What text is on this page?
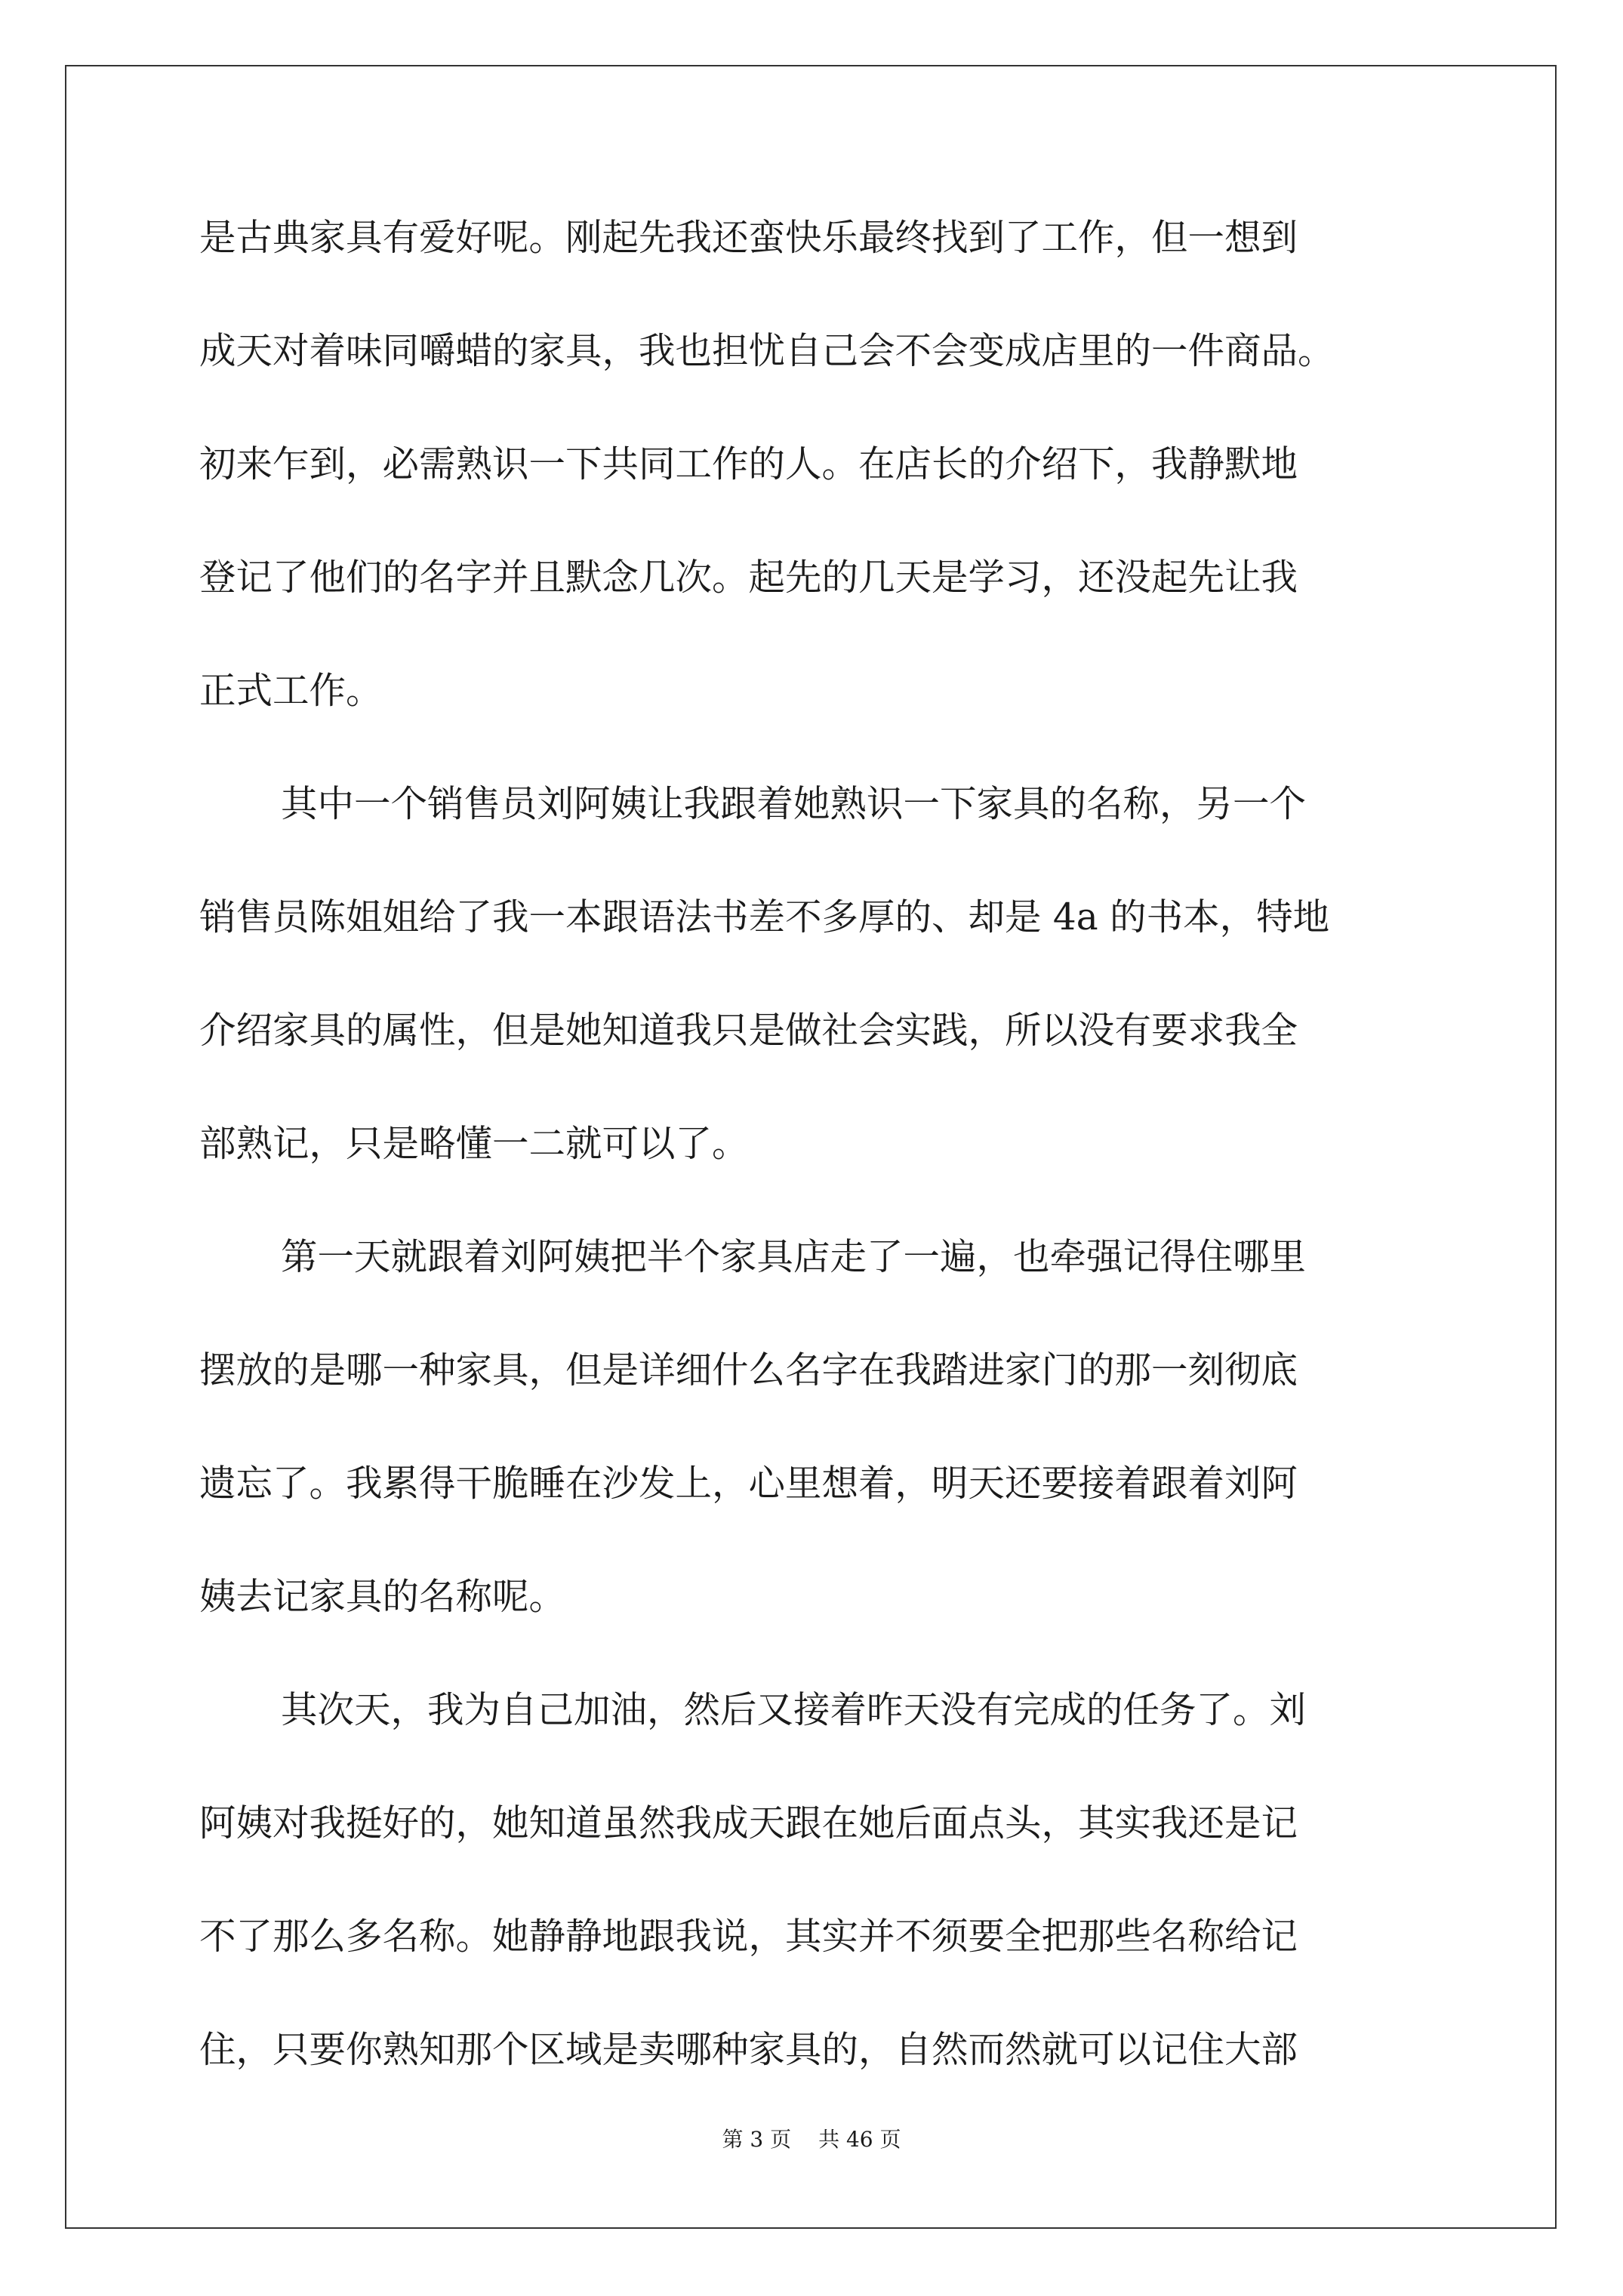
是古典家具有爱好呢。刚起先我还蛮快乐最终找到了工作，但一想到
成天对着味同嚼蜡的家具，我也担忧自己会不会变成店里的一件商品。
初来乍到，必需熟识一下共同工作的人。在店长的介绍下，我静默地
登记了他们的名字并且默念几次。起先的几天是学习，还没起先让我
正式工作。
其中一个销售员刘阿姨让我跟着她熟识一下家具的名称，另一个
销售员陈姐姐给了我一本跟语法书差不多厚的、却是 4a 的书本，特地
介绍家具的属性，但是她知道我只是做社会实践，所以没有要求我全
部熟记，只是略懂一二就可以了。
第一天就跟着刘阿姨把半个家具店走了一遍，也牵强记得住哪里
摆放的是哪一种家具，但是详细什么名字在我踏进家门的那一刻彻底
遗忘了。我累得干脆睡在沙发上，心里想着，明天还要接着跟着刘阿
姨去记家具的名称呢。
其次天，我为自己加油，然后又接着昨天没有完成的任务了。刘
阿姨对我挺好的，她知道虽然我成天跟在她后面点头，其实我还是记
不了那么多名称。她静静地跟我说，其实并不须要全把那些名称给记
住，只要你熟知那个区域是卖哪种家具的，自然而然就可以记住大部
第 3 页 共 46 页
